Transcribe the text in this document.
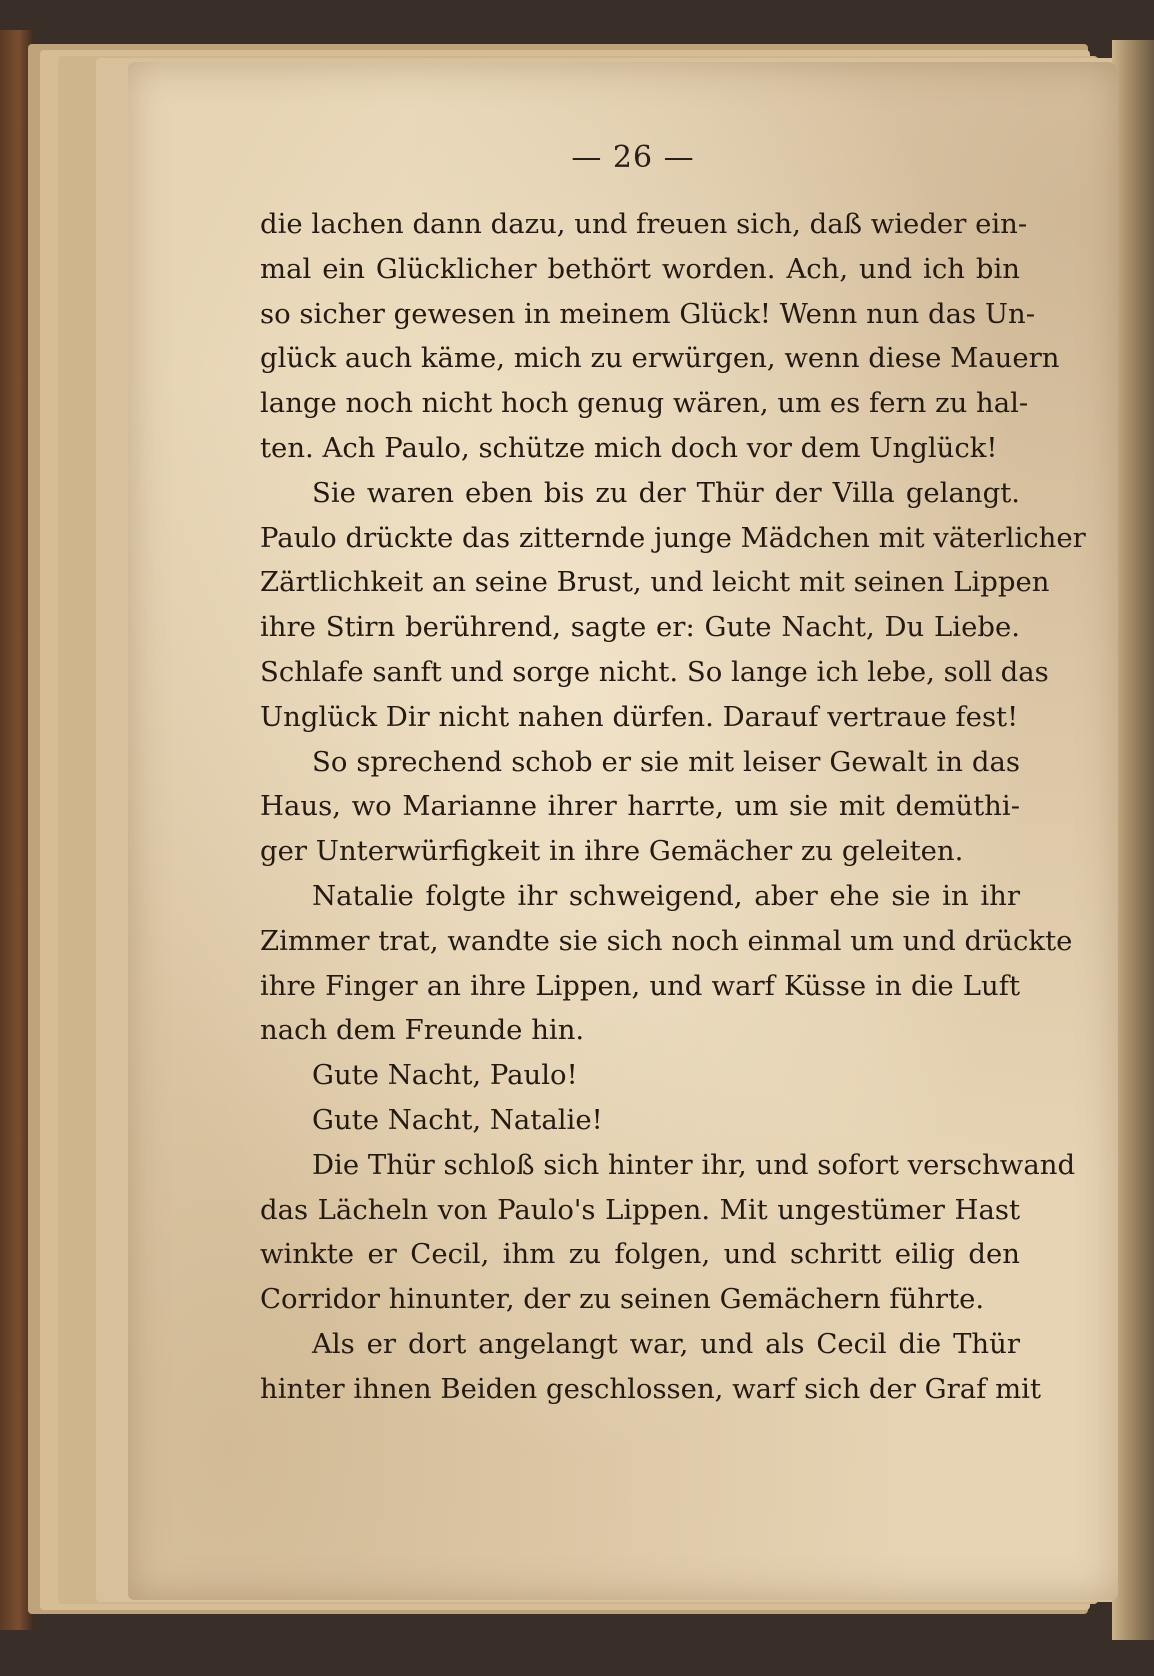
— 26 —
die lachen dann dazu, und freuen sich, daß wieder ein-
mal ein Glücklicher bethört worden. Ach, und ich bin
so sicher gewesen in meinem Glück! Wenn nun das Un-
glück auch käme, mich zu erwürgen, wenn diese Mauern
lange noch nicht hoch genug wären, um es fern zu hal-
ten. Ach Paulo, schütze mich doch vor dem Unglück!
Sie waren eben bis zu der Thür der Villa gelangt.
Paulo drückte das zitternde junge Mädchen mit väterlicher
Zärtlichkeit an seine Brust, und leicht mit seinen Lippen
ihre Stirn berührend, sagte er: Gute Nacht, Du Liebe.
Schlafe sanft und sorge nicht. So lange ich lebe, soll das
Unglück Dir nicht nahen dürfen. Darauf vertraue fest!
So sprechend schob er sie mit leiser Gewalt in das
Haus, wo Marianne ihrer harrte, um sie mit demüthi-
ger Unterwürfigkeit in ihre Gemächer zu geleiten.
Natalie folgte ihr schweigend, aber ehe sie in ihr
Zimmer trat, wandte sie sich noch einmal um und drückte
ihre Finger an ihre Lippen, und warf Küsse in die Luft
nach dem Freunde hin.
Gute Nacht, Paulo!
Gute Nacht, Natalie!
Die Thür schloß sich hinter ihr, und sofort verschwand
das Lächeln von Paulo's Lippen. Mit ungestümer Hast
winkte er Cecil, ihm zu folgen, und schritt eilig den
Corridor hinunter, der zu seinen Gemächern führte.
Als er dort angelangt war, und als Cecil die Thür
hinter ihnen Beiden geschlossen, warf sich der Graf mit
